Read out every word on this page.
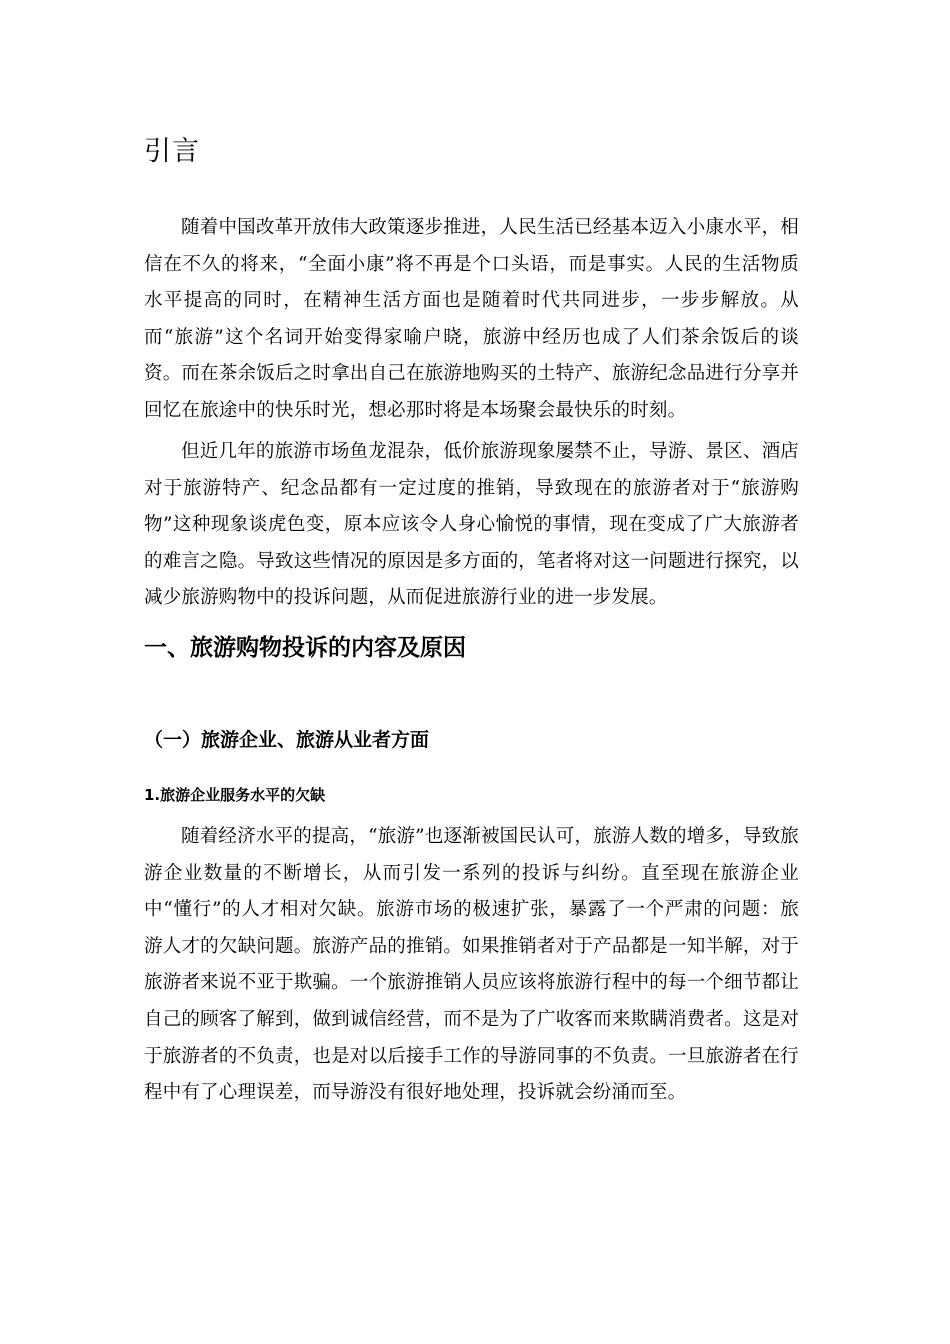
引言

随着中国改革开放伟大政策逐步推进，人民生活已经基本迈入小康水平，相信在不久的将来，“全面小康”将不再是个口头语，而是事实。人民的生活物质水平提高的同时，在精神生活方面也是随着时代共同进步，一步步解放。从而“旅游”这个名词开始变得家喻户晓，旅游中经历也成了人们茶余饭后的谈资。而在茶余饭后之时拿出自己在旅游地购买的土特产、旅游纪念品进行分享并回忆在旅途中的快乐时光，想必那时将是本场聚会最快乐的时刻。

但近几年的旅游市场鱼龙混杂，低价旅游现象屡禁不止，导游、景区、酒店对于旅游特产、纪念品都有一定过度的推销，导致现在的旅游者对于“旅游购物”这种现象谈虎色变，原本应该令人身心愉悦的事情，现在变成了广大旅游者的难言之隐。导致这些情况的原因是多方面的，笔者将对这一问题进行探究，以减少旅游购物中的投诉问题，从而促进旅游行业的进一步发展。

一、旅游购物投诉的内容及原因
（一）旅游企业、旅游从业者方面
1.旅游企业服务水平的欠缺

随着经济水平的提高，“旅游”也逐渐被国民认可，旅游人数的增多，导致旅游企业数量的不断增长，从而引发一系列的投诉与纠纷。直至现在旅游企业中“懂行”的人才相对欠缺。旅游市场的极速扩张，暴露了一个严肃的问题：旅游人才的欠缺问题。旅游产品的推销。如果推销者对于产品都是一知半解，对于旅游者来说不亚于欺骗。一个旅游推销人员应该将旅游行程中的每一个细节都让自己的顾客了解到，做到诚信经营，而不是为了广收客而来欺瞒消费者。这是对于旅游者的不负责，也是对以后接手工作的导游同事的不负责。一旦旅游者在行程中有了心理误差，而导游没有很好地处理，投诉就会纷涌而至。
